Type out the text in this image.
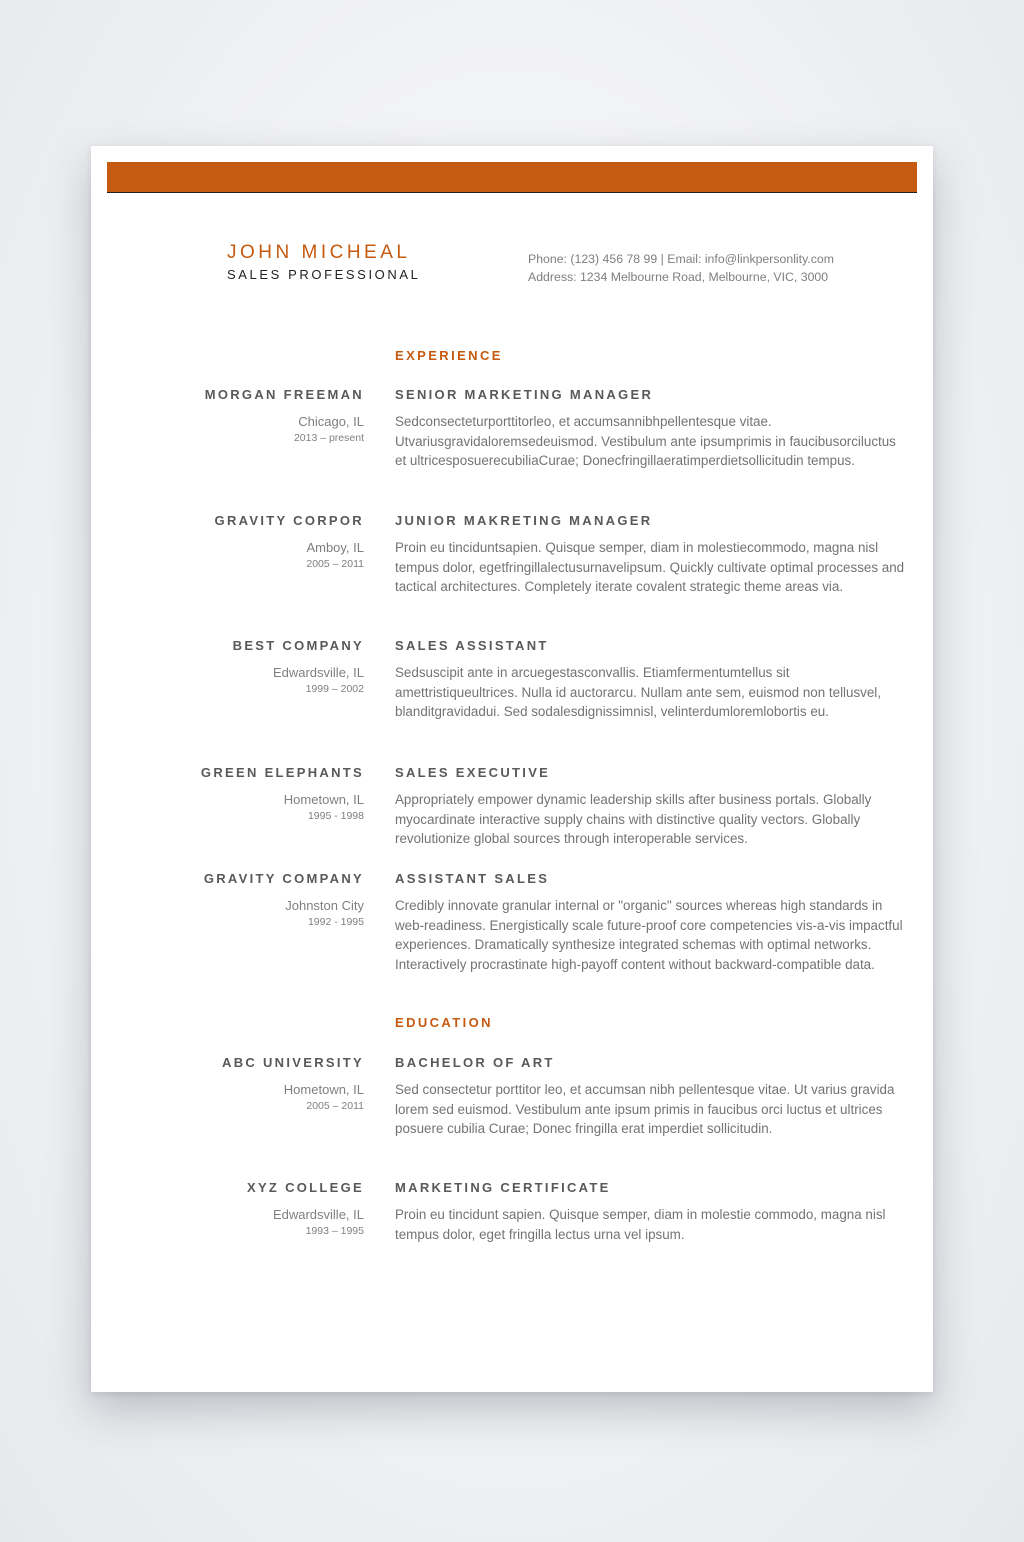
JOHN MICHEAL
SALES PROFESSIONAL
Phone: (123) 456 78 99 | Email: info@linkpersonlity.com
Address: 1234 Melbourne Road, Melbourne, VIC, 3000
EXPERIENCE
MORGAN FREEMAN
Chicago, IL
2013 – present
SENIOR MARKETING MANAGER
Sedconsecteturporttitorleo, et accumsannibhpellentesque vitae. Utvariusgravidaloremsedeuismod. Vestibulum ante ipsumprimis in faucibusorciluctus et ultricesposuerecubiliaCurae; Donecfringillaeratimperdietsollicitudin tempus.
GRAVITY CORPOR
Amboy, IL
2005 – 2011
JUNIOR MAKRETING MANAGER
Proin eu tinciduntsapien. Quisque semper, diam in molestiecommodo, magna nisl tempus dolor, egetfringillalectusurnavelipsum. Quickly cultivate optimal processes and tactical architectures. Completely iterate covalent strategic theme areas via.
BEST COMPANY
Edwardsville, IL
1999 – 2002
SALES ASSISTANT
Sedsuscipit ante in arcuegestasconvallis. Etiamfermentumtellus sit amettristiqueultrices. Nulla id auctorarcu. Nullam ante sem, euismod non tellusvel, blanditgravidadui. Sed sodalesdignissimnisl, velinterdumloremlobortis eu.
GREEN ELEPHANTS
Hometown, IL
1995 - 1998
SALES EXECUTIVE
Appropriately empower dynamic leadership skills after business portals. Globally myocardinate interactive supply chains with distinctive quality vectors. Globally revolutionize global sources through interoperable services.
GRAVITY COMPANY
Johnston City
1992 - 1995
ASSISTANT SALES
Credibly innovate granular internal or "organic" sources whereas high standards in web-readiness. Energistically scale future-proof core competencies vis-a-vis impactful experiences. Dramatically synthesize integrated schemas with optimal networks. Interactively procrastinate high-payoff content without backward-compatible data.
EDUCATION
ABC UNIVERSITY
Hometown, IL
2005 – 2011
BACHELOR OF ART
Sed consectetur porttitor leo, et accumsan nibh pellentesque vitae. Ut varius gravida lorem sed euismod. Vestibulum ante ipsum primis in faucibus orci luctus et ultrices posuere cubilia Curae; Donec fringilla erat imperdiet sollicitudin.
XYZ COLLEGE
Edwardsville, IL
1993 – 1995
MARKETING CERTIFICATE
Proin eu tincidunt sapien. Quisque semper, diam in molestie commodo, magna nisl tempus dolor, eget fringilla lectus urna vel ipsum.
